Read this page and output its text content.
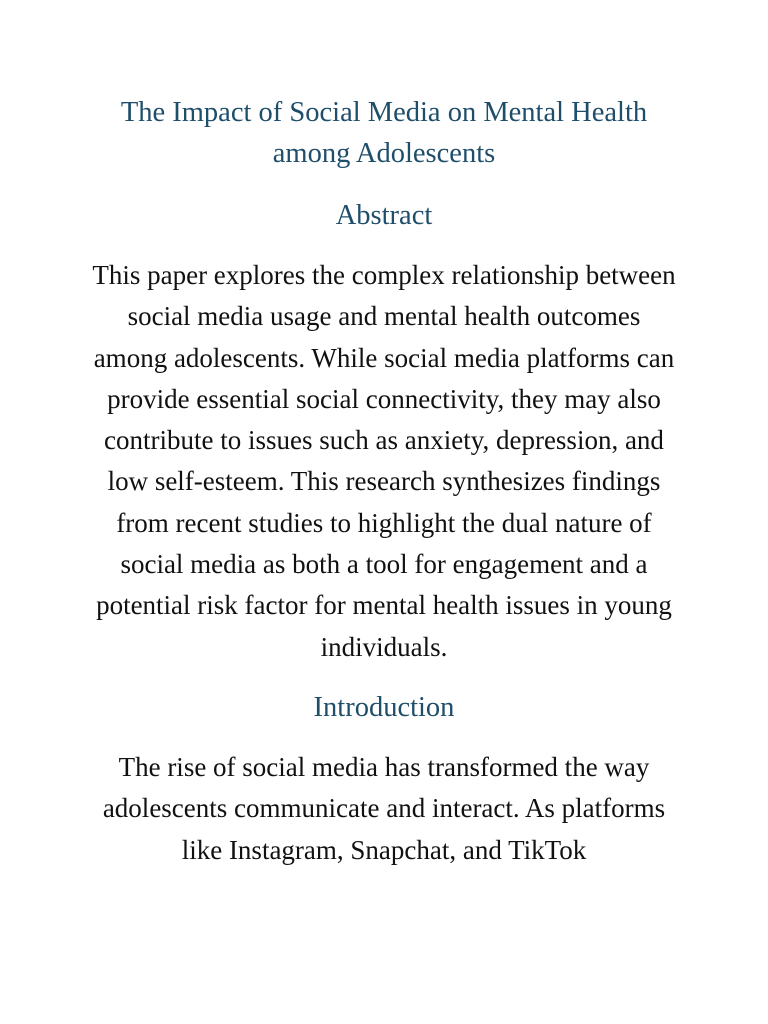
The Impact of Social Media on Mental Health among Adolescents
Abstract

This paper explores the complex relationship between social media usage and mental health outcomes among adolescents. While social media platforms can provide essential social connectivity, they may also contribute to issues such as anxiety, depression, and low self-esteem. This research synthesizes findings from recent studies to highlight the dual nature of social media as both a tool for engagement and a potential risk factor for mental health issues in young individuals.

Introduction

The rise of social media has transformed the way adolescents communicate and interact. As platforms like Instagram, Snapchat, and TikTok
